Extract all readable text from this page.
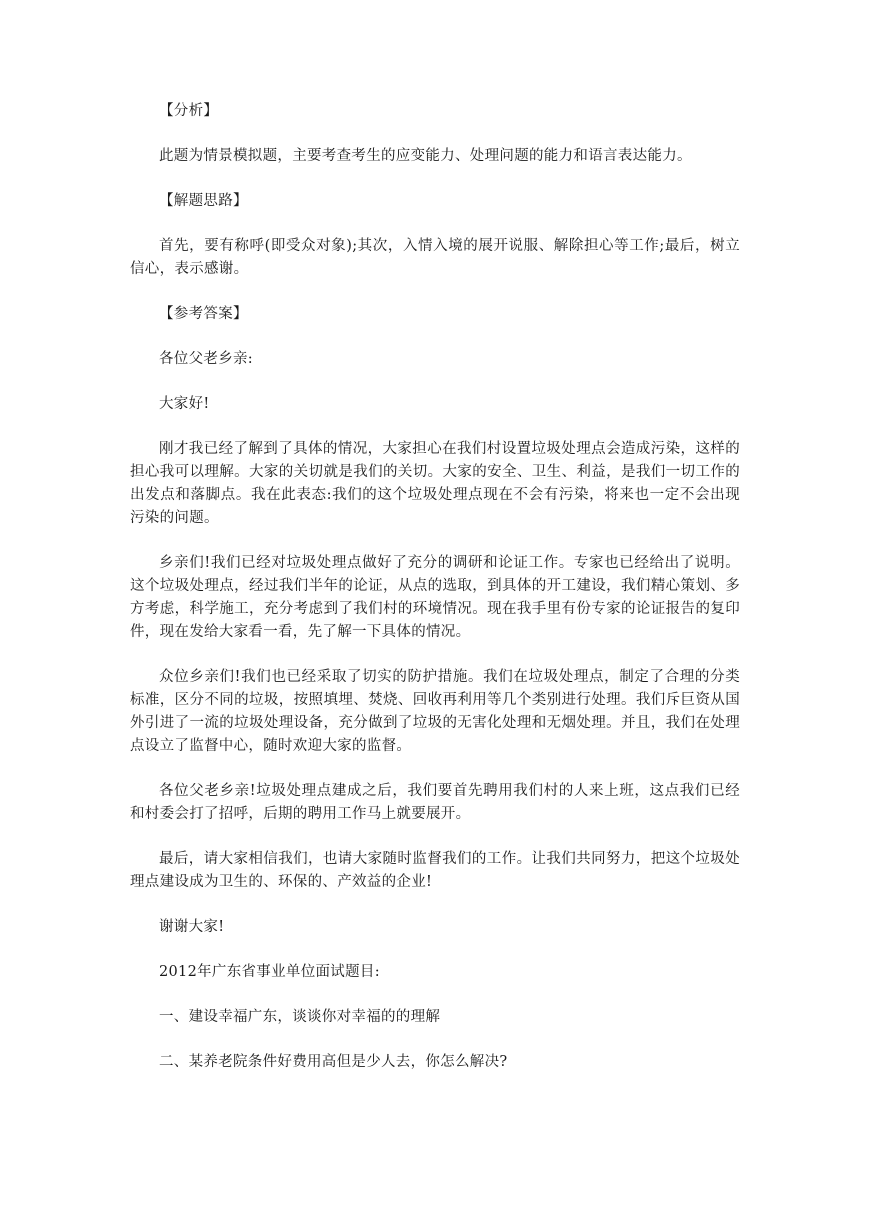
【分析】

此题为情景模拟题，主要考查考生的应变能力、处理问题的能力和语言表达能力。

【解题思路】

首先，要有称呼(即受众对象);其次，入情入境的展开说服、解除担心等工作;最后，树立信心，表示感谢。

【参考答案】

各位父老乡亲:

大家好!

刚才我已经了解到了具体的情况，大家担心在我们村设置垃圾处理点会造成污染，这样的担心我可以理解。大家的关切就是我们的关切。大家的安全、卫生、利益，是我们一切工作的出发点和落脚点。我在此表态:我们的这个垃圾处理点现在不会有污染，将来也一定不会出现污染的问题。

乡亲们!我们已经对垃圾处理点做好了充分的调研和论证工作。专家也已经给出了说明。这个垃圾处理点，经过我们半年的论证，从点的选取，到具体的开工建设，我们精心策划、多方考虑，科学施工，充分考虑到了我们村的环境情况。现在我手里有份专家的论证报告的复印件，现在发给大家看一看，先了解一下具体的情况。

众位乡亲们!我们也已经采取了切实的防护措施。我们在垃圾处理点，制定了合理的分类标准，区分不同的垃圾，按照填埋、焚烧、回收再利用等几个类别进行处理。我们斥巨资从国外引进了一流的垃圾处理设备，充分做到了垃圾的无害化处理和无烟处理。并且，我们在处理点设立了监督中心，随时欢迎大家的监督。

各位父老乡亲!垃圾处理点建成之后，我们要首先聘用我们村的人来上班，这点我们已经和村委会打了招呼，后期的聘用工作马上就要展开。

最后，请大家相信我们，也请大家随时监督我们的工作。让我们共同努力，把这个垃圾处理点建设成为卫生的、环保的、产效益的企业!

谢谢大家!

2012年广东省事业单位面试题目:

一、建设幸福广东，谈谈你对幸福的的理解

二、某养老院条件好费用高但是少人去，你怎么解决?
